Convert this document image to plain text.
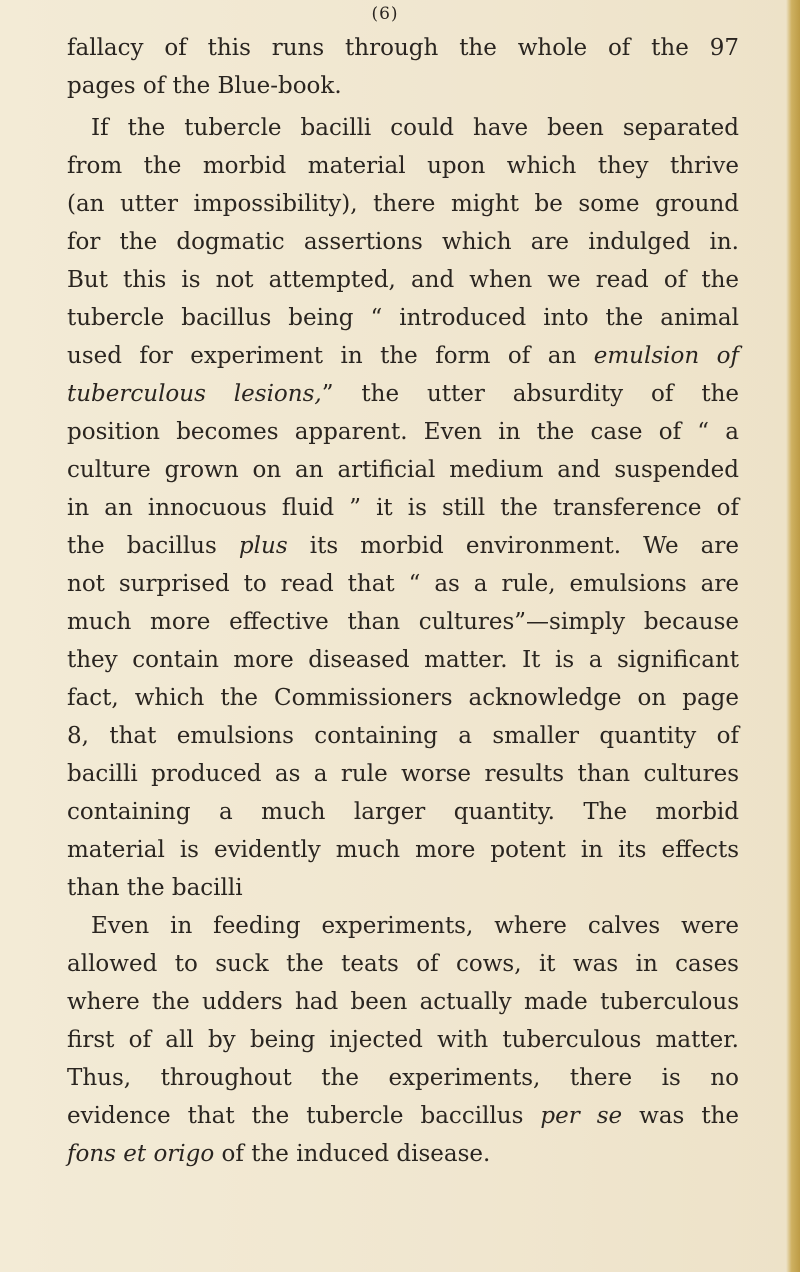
(6)

fallacy of this runs through the whole of the 97

pages of the Blue-book.

If the tubercle bacilli could have been separated

from the morbid material upon which they thrive

(an utter impossibility), there might be some ground

for the dogmatic assertions which are indulged in.

But this is not attempted, and when we read of the

tubercle bacillus being “ introduced into the animal

used for experiment in the form of an emulsion of

tuberculous lesions,” the utter absurdity of the

position becomes apparent. Even in the case of “ a

culture grown on an artificial medium and suspended

in an innocuous fluid ” it is still the transference of

the bacillus plus its morbid environment. We are

not surprised to read that “ as a rule, emulsions are

much more effective than cultures”—simply because

they contain more diseased matter. It is a significant

fact, which the Commissioners acknowledge on page

8, that emulsions containing a smaller quantity of

bacilli produced as a rule worse results than cultures

containing a much larger quantity. The morbid

material is evidently much more potent in its effects

than the bacilli

Even in feeding experiments, where calves were

allowed to suck the teats of cows, it was in cases

where the udders had been actually made tuberculous

first of all by being injected with tuberculous matter.

Thus, throughout the experiments, there is no

evidence that the tubercle baccillus per se was the

fons et origo of the induced disease.
